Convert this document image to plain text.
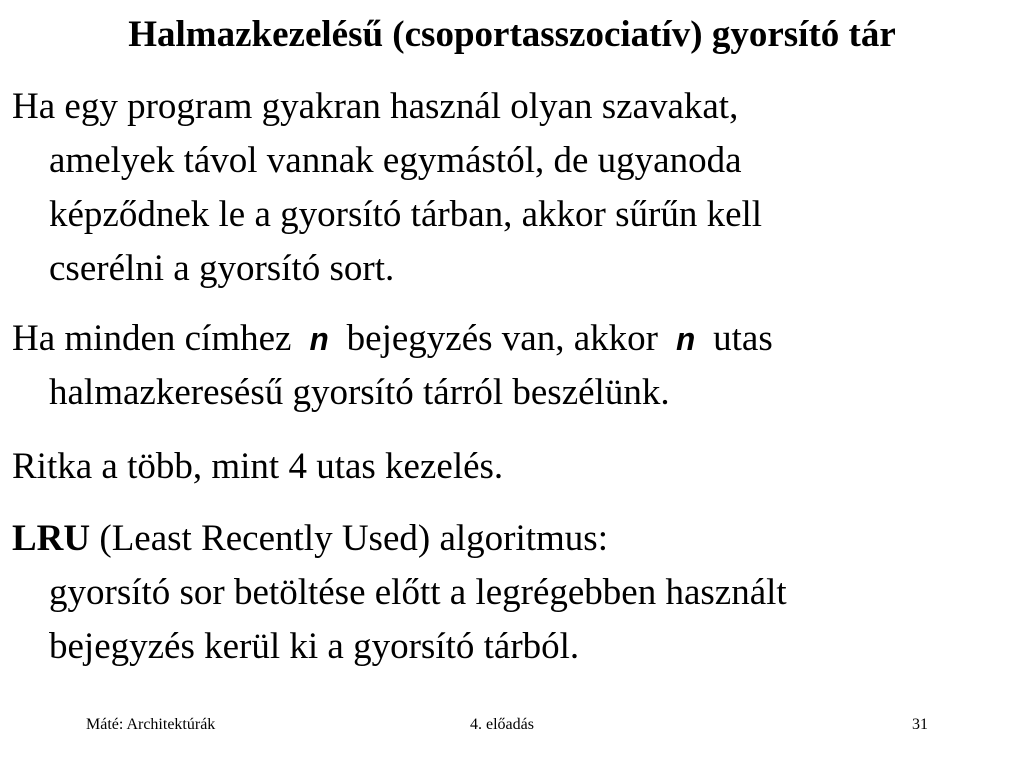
Halmazkezelésű (csoportasszociatív) gyorsító tár
Ha egy program gyakran használ olyan szavakat,
amelyek távol vannak egymástól, de ugyanoda
képződnek le a gyorsító tárban, akkor sűrűn kell
cserélni a gyorsító sort.
Ha minden címhez n bejegyzés van, akkor n utas
halmazkeresésű gyorsító tárról beszélünk.
Ritka a több, mint 4 utas kezelés.
LRU (Least Recently Used) algoritmus:
gyorsító sor betöltése előtt a legrégebben használt
bejegyzés kerül ki a gyorsító tárból.
Máté: Architektúrák	4. előadás	31
